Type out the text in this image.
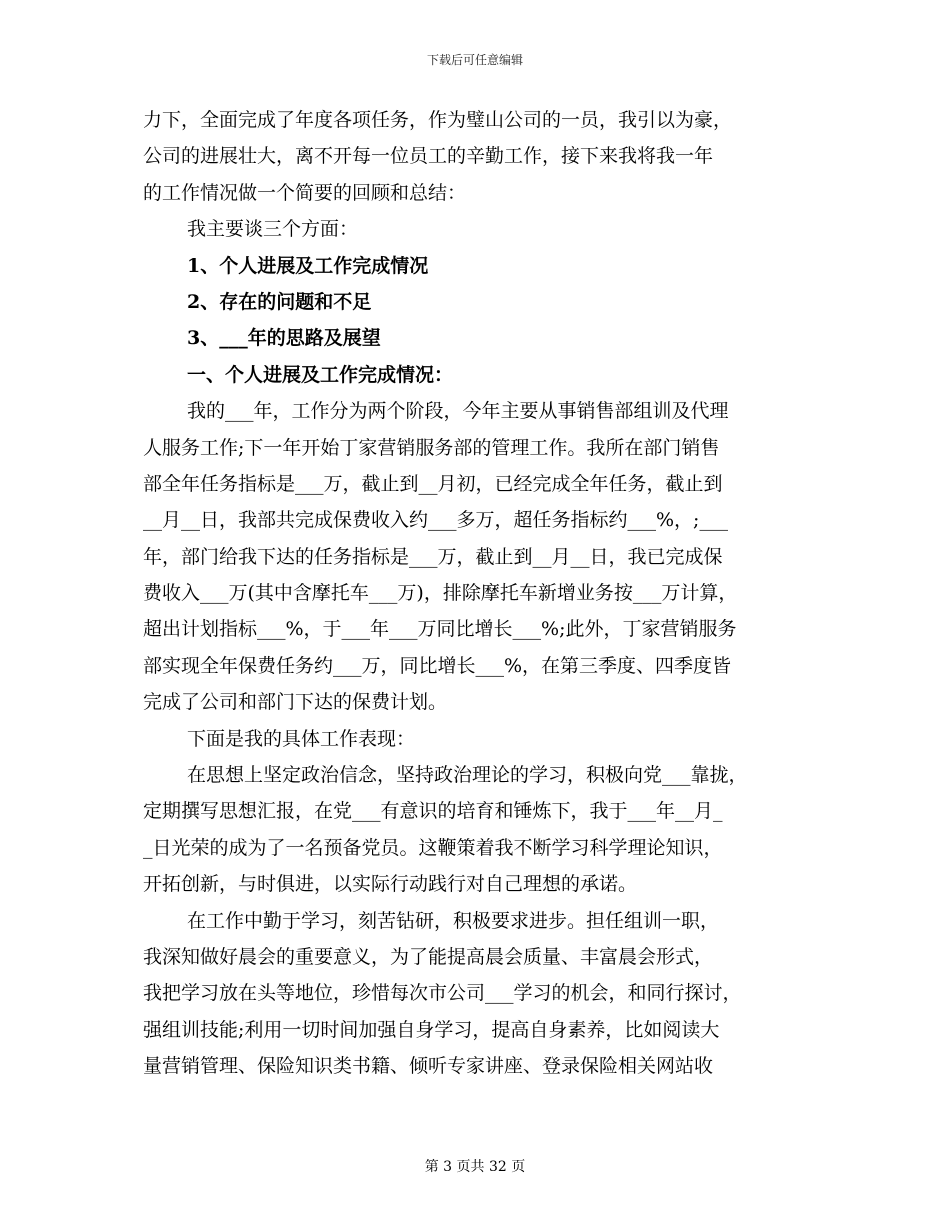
下载后可任意编辑
力下，全面完成了年度各项任务，作为璧山公司的一员，我引以为豪，
公司的进展壮大，离不开每一位员工的辛勤工作，接下来我将我一年
的工作情况做一个简要的回顾和总结：
我主要谈三个方面：
1、个人进展及工作完成情况
2、存在的问题和不足
3、___年的思路及展望
一、个人进展及工作完成情况：
我的___年，工作分为两个阶段，今年主要从事销售部组训及代理
人服务工作;下一年开始丁家营销服务部的管理工作。我所在部门销售
部全年任务指标是___万，截止到__月初，已经完成全年任务，截止到
__月__日，我部共完成保费收入约___多万，超任务指标约___%，;___
年，部门给我下达的任务指标是___万，截止到__月__日，我已完成保
费收入___万(其中含摩托车___万)，排除摩托车新增业务按___万计算，
超出计划指标___%，于___年___万同比增长___%;此外，丁家营销服务
部实现全年保费任务约___万，同比增长___%，在第三季度、四季度皆
完成了公司和部门下达的保费计划。
下面是我的具体工作表现：
在思想上坚定政治信念，坚持政治理论的学习，积极向党___靠拢，
定期撰写思想汇报，在党___有意识的培育和锤炼下，我于___年__月_
_日光荣的成为了一名预备党员。这鞭策着我不断学习科学理论知识，
开拓创新，与时俱进，以实际行动践行对自己理想的承诺。
在工作中勤于学习，刻苦钻研，积极要求进步。担任组训一职，
我深知做好晨会的重要意义，为了能提高晨会质量、丰富晨会形式，
我把学习放在头等地位，珍惜每次市公司___学习的机会，和同行探讨，
强组训技能;利用一切时间加强自身学习，提高自身素养，比如阅读大
量营销管理、保险知识类书籍、倾听专家讲座、登录保险相关网站收
第 3 页共 32 页
